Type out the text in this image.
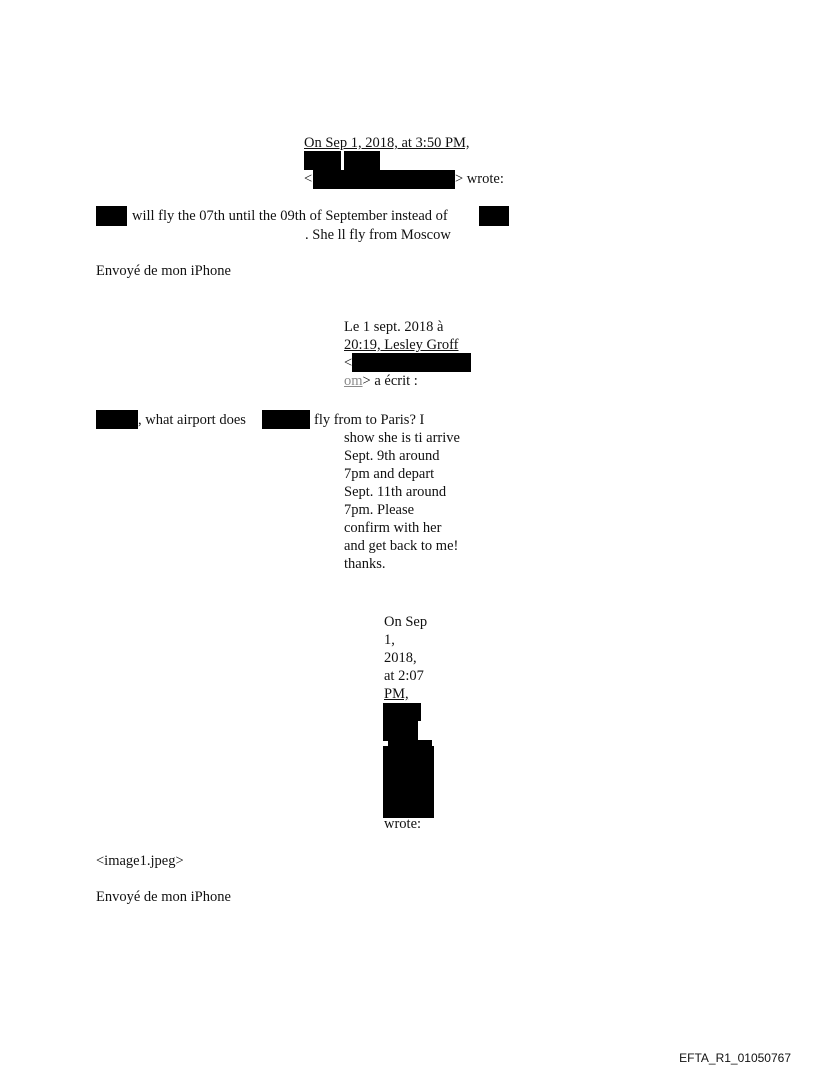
On Sep 1, 2018, at 3:50 PM,
<	> wrote:
will fly the 07th until the 09th of September instead of
. She ll fly from Moscow
Envoyé de mon iPhone
Le 1 sept. 2018 à
20:19, Lesley Groff
<
om> a écrit :
, what airport does	fly from to Paris? I
show she is ti arrive
Sept. 9th around
7pm and depart
Sept. 11th around
7pm. Please
confirm with her
and get back to me!
thanks.
On Sep
1,
2018,
at 2:07
PM,
wrote:
<image1.jpeg>
Envoyé de mon iPhone
EFTA_R1_01050767
